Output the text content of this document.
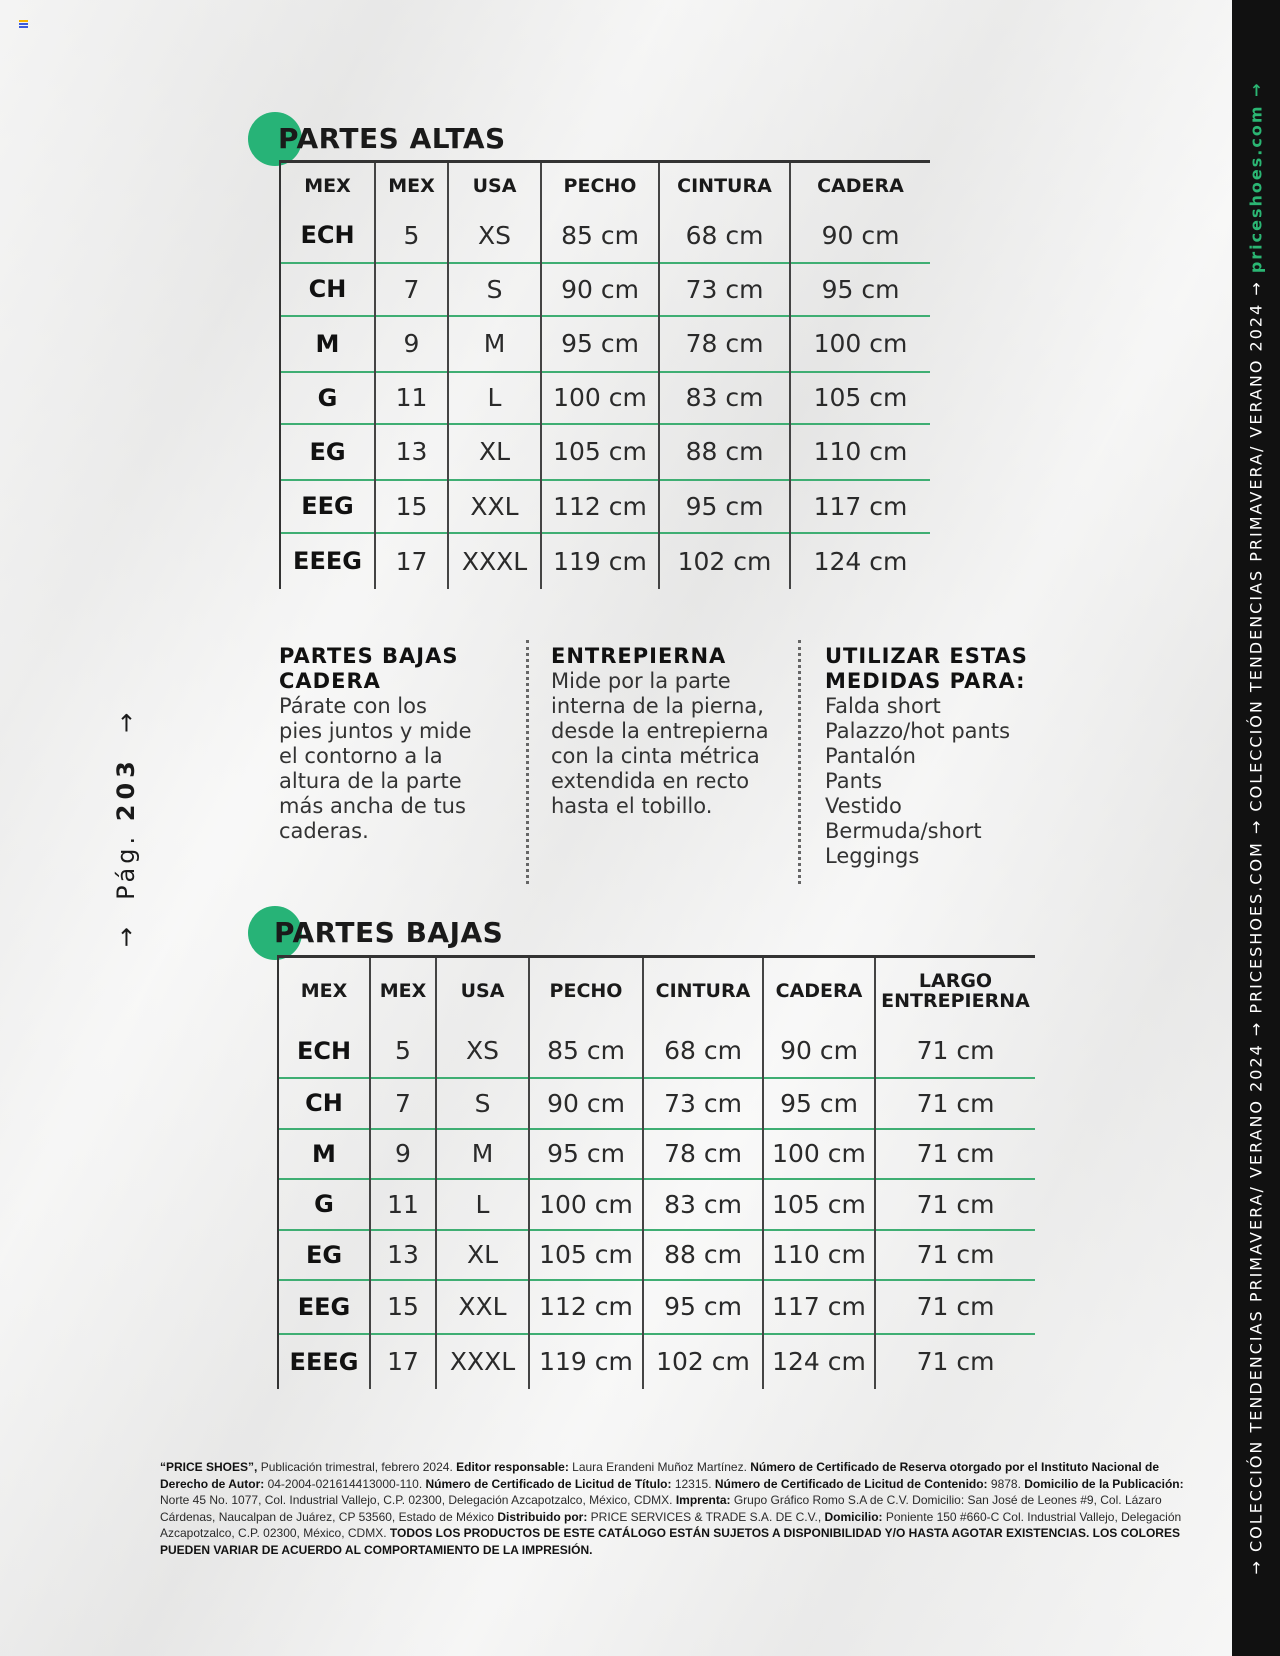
→ COLECCIÓN TENDENCIAS PRIMAVERA/ VERANO 2024 → PRICESHOES.COM → COLECCIÓN TENDENCIAS PRIMAVERA/ VERANO 2024 → priceshoes.com →
→  Pág. 203  →
PARTES ALTAS
MEX	MEX	USA	PECHO	CINTURA	CADERA
ECH	5	XS	85 cm	68 cm	90 cm
CH	7	S	90 cm	73 cm	95 cm
M	9	M	95 cm	78 cm	100 cm
G	11	L	100 cm	83 cm	105 cm
EG	13	XL	105 cm	88 cm	110 cm
EEG	15	XXL	112 cm	95 cm	117 cm
EEEG	17	XXXL	119 cm	102 cm	124 cm
PARTES BAJAS
CADERA
Párate con los
pies juntos y mide
el contorno a la
altura de la parte
más ancha de tus
caderas.
ENTREPIERNA
Mide por la parte
interna de la pierna,
desde la entrepierna
con la cinta métrica
extendida en recto
hasta el tobillo.
UTILIZAR ESTAS
MEDIDAS PARA:
Falda short
Palazzo/hot pants
Pantalón
Pants
Vestido
Bermuda/short
Leggings
PARTES BAJAS
MEX	MEX	USA	PECHO	CINTURA	CADERA	LARGO
ENTREPIERNA

ECH	5	XS	85 cm	68 cm	90 cm	71 cm
CH	7	S	90 cm	73 cm	95 cm	71 cm
M	9	M	95 cm	78 cm	100 cm	71 cm
G	11	L	100 cm	83 cm	105 cm	71 cm
EG	13	XL	105 cm	88 cm	110 cm	71 cm
EEG	15	XXL	112 cm	95 cm	117 cm	71 cm
EEEG	17	XXXL	119 cm	102 cm	124 cm	71 cm
“PRICE SHOES”, Publicación trimestral, febrero 2024. Editor responsable: Laura Erandeni Muñoz Martínez. Número de Certificado de Reserva otorgado por el Instituto Nacional de Derecho de Autor: 04-2004-021614413000-110. Número de Certificado de Licitud de Título: 12315. Número de Certificado de Licitud de Contenido: 9878. Domicilio de la Publicación: Norte 45 No. 1077, Col. Industrial Vallejo, C.P. 02300, Delegación Azcapotzalco, México, CDMX. Imprenta: Grupo Gráfico Romo S.A de C.V. Domicilio: San José de Leones #9, Col. Lázaro Cárdenas, Naucalpan de Juárez, CP 53560, Estado de México Distribuido por: PRICE SERVICES & TRADE S.A. DE C.V., Domicilio: Poniente 150 #660-C Col. Industrial Vallejo, Delegación Azcapotzalco, C.P. 02300, México, CDMX. TODOS LOS PRODUCTOS DE ESTE CATÁLOGO ESTÁN SUJETOS A DISPONIBILIDAD Y/O HASTA AGOTAR EXISTENCIAS. LOS COLORES PUEDEN VARIAR DE ACUERDO AL COMPORTAMIENTO DE LA IMPRESIÓN.
